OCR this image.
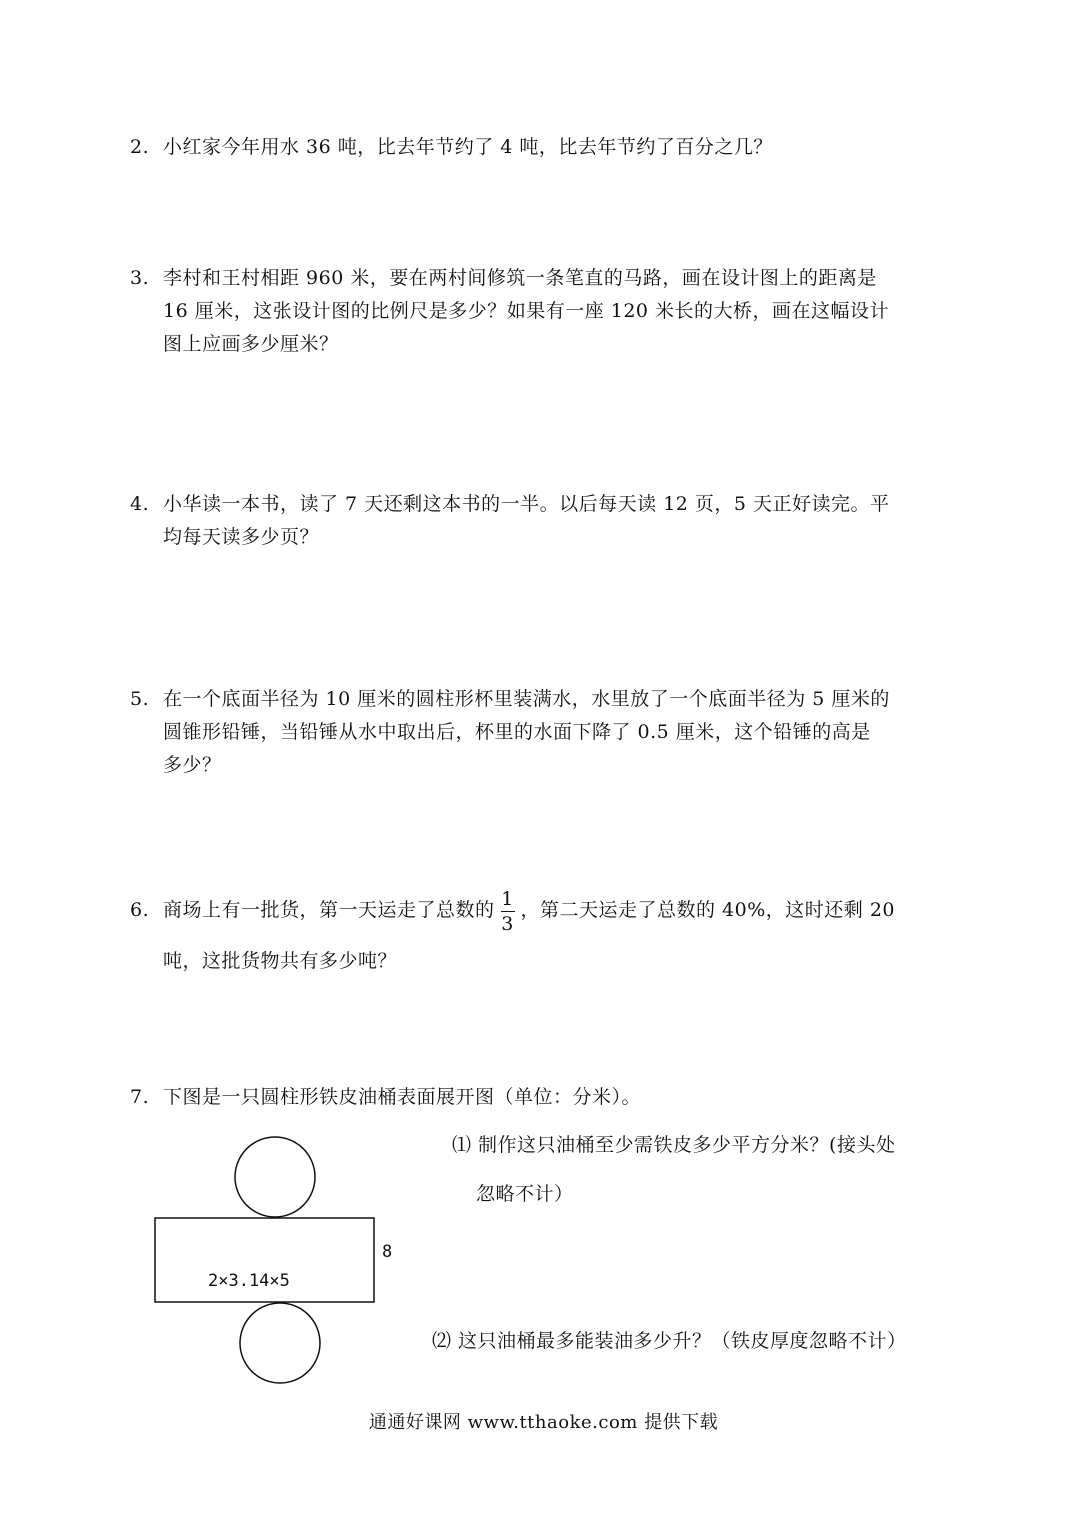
2. 小红家今年用水 36 吨，比去年节约了 4 吨，比去年节约了百分之几？
3. 李村和王村相距 960 米，要在两村间修筑一条笔直的马路，画在设计图上的距离是
16 厘米，这张设计图的比例尺是多少？如果有一座 120 米长的大桥，画在这幅设计
图上应画多少厘米？
4. 小华读一本书，读了 7 天还剩这本书的一半。以后每天读 12 页，5 天正好读完。平
均每天读多少页？
5. 在一个底面半径为 10 厘米的圆柱形杯里装满水，水里放了一个底面半径为 5 厘米的
圆锥形铅锤，当铅锤从水中取出后，杯里的水面下降了 0.5 厘米，这个铅锤的高是
多少？
6. 商场上有一批货，第一天运走了总数的 $\frac{1}{3}$ ，第二天运走了总数的 40%，这时还剩 20
吨，这批货物共有多少吨？
7. 下图是一只圆柱形铁皮油桶表面展开图（单位：分米）。
⑴ 制作这只油桶至少需铁皮多少平方分米？(接头处
忽略不计）
⑵ 这只油桶最多能装油多少升？（铁皮厚度忽略不计）
2×3.14×5
8
通通好课网 www.tthaoke.com 提供下载
